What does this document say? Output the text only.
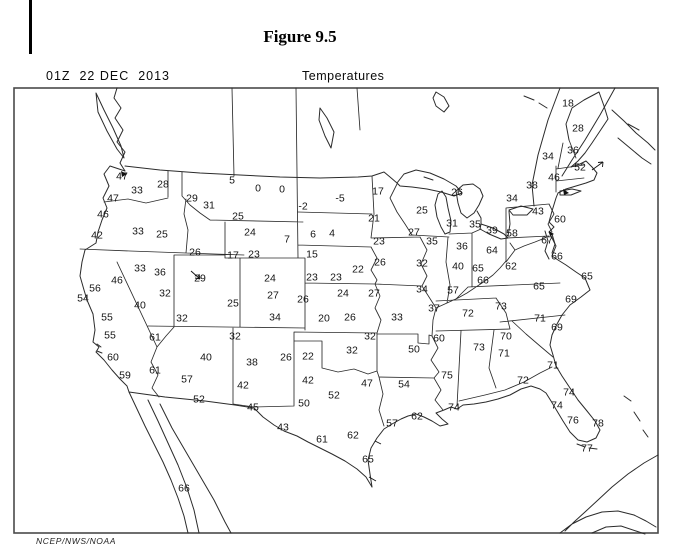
Figure 9.5
01Z  22 DEC  2013	Temperatures
47
33 28
47
46
42	33 25
29
31
25
5
0 0
-2
-5
17
21
25
27
26
31 35 39
34
58
24
17 23
7 6 4
15
23 23
22
23
26	32
35 36
40 65
64
62
66
57
34
27
24
20 26	33
32
32
37
26
29
33 36
46
40
32
32
25
24
27
34
26
32
61
56
54
55
55
60
59 61
40
57
52
38
42
45
26 22
42	47
52
50
43
61 62
65
66
50
54
62
57
60
75
74
72
73
73
70
71
72
71
65
69
71
69
74
74
76 78
77
18
28
36
34
52
46
38
43
60
67
66
65
NCEP/NWS/NOAA
